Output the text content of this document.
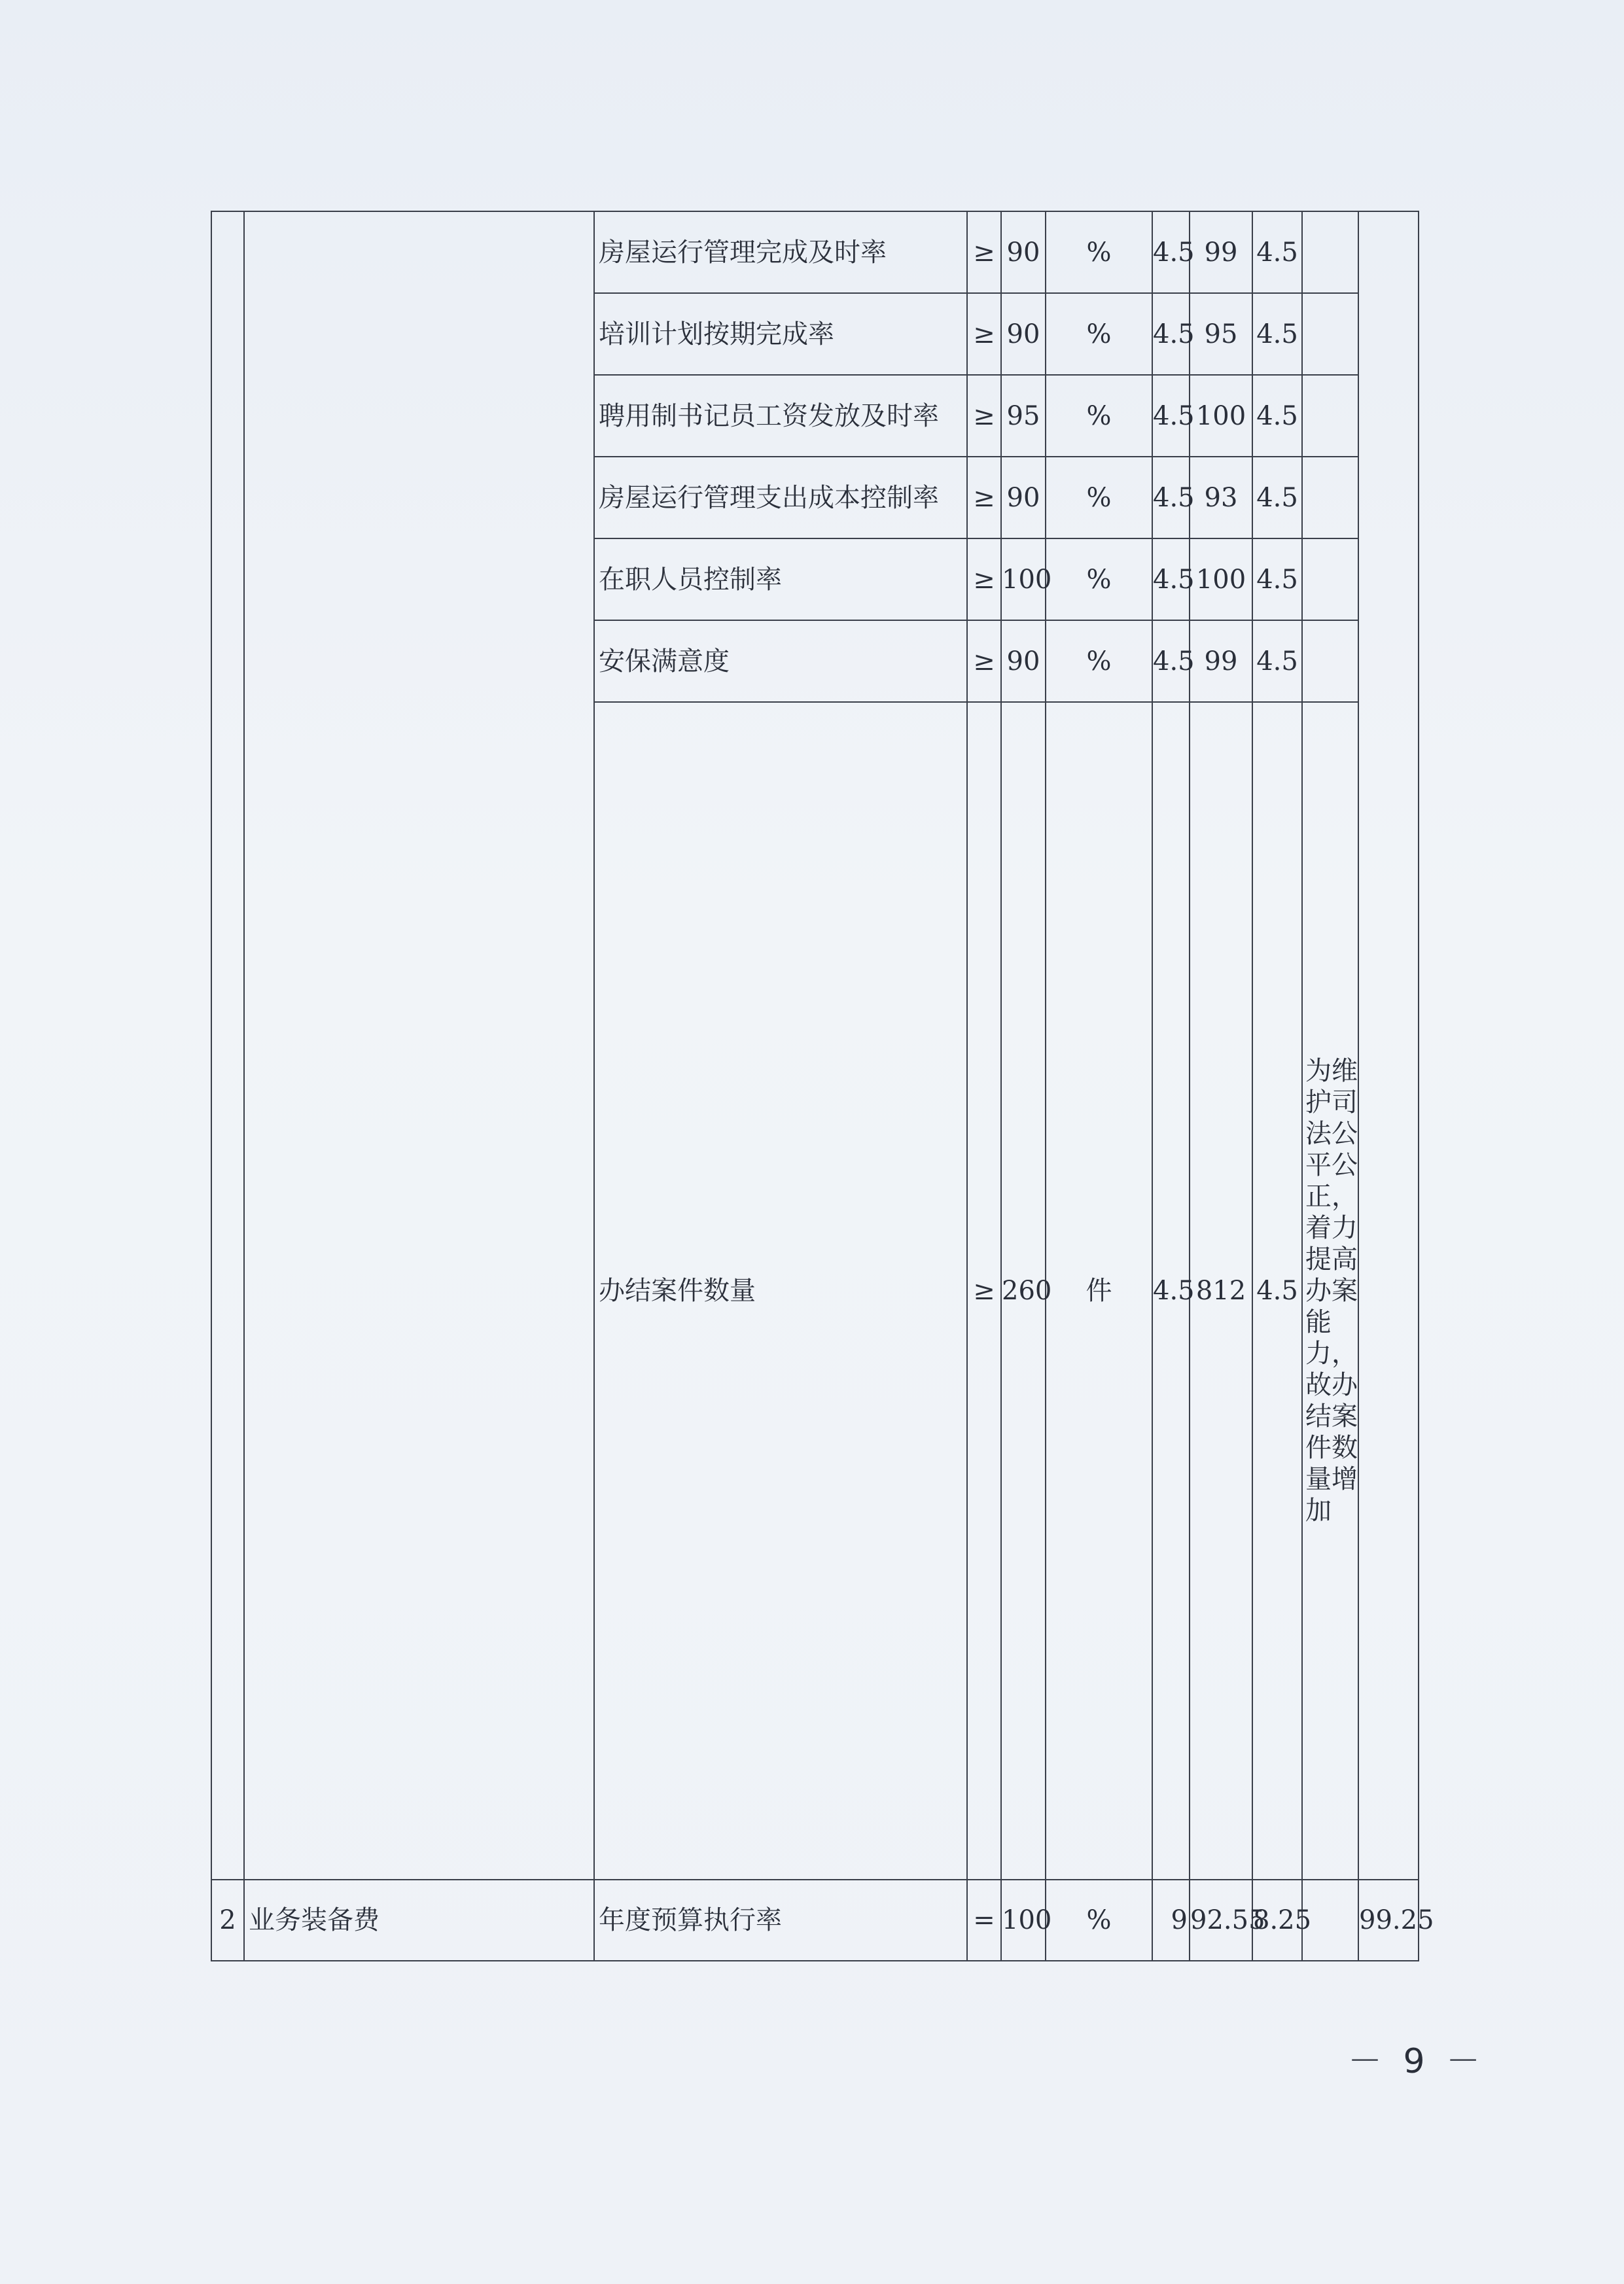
		房屋运行管理完成及时率	≥	90	%	4.5	99	4.5		
		培训计划按期完成率	≥	90	%	4.5	95	4.5		
		聘用制书记员工资发放及时率	≥	95	%	4.5	100	4.5		
		房屋运行管理支出成本控制率	≥	90	%	4.5	93	4.5		
		在职人员控制率	≥	100	%	4.5	100	4.5		
		安保满意度	≥	90	%	4.5	99	4.5		
		办结案件数量	≥	260	件	4.5	812	4.5	为维护司法公平公正，着力提高办案能力，故办结案件数量增加	
2	业务装备费	年度预算执行率	=	100	%	9	92.55	8.25		99.25
－ 9 －
